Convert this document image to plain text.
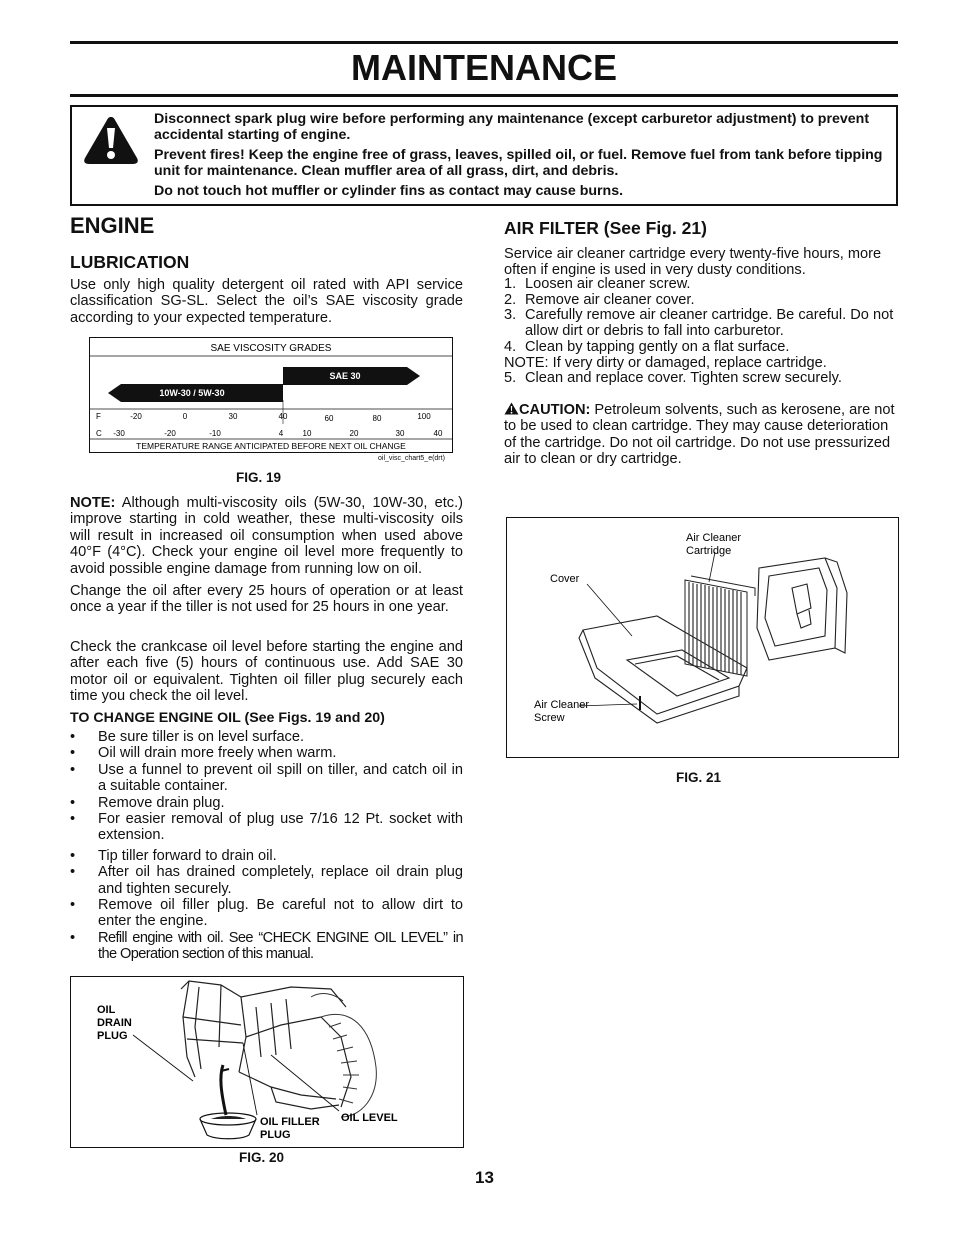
MAINTENANCE

Disconnect spark plug wire before performing any maintenance (except carburetor adjustment) to prevent accidental starting of engine.

Prevent fires! Keep the engine free of grass, leaves, spilled oil, or fuel. Remove fuel from tank before tipping unit for maintenance. Clean muffler area of all grass, dirt, and debris.

Do not touch hot muffler or cylinder fins as contact may cause burns.

ENGINE
LUBRICATION
Use only high quality detergent oil rated with API service classification SG-SL. Select the oil’s SAE viscosity grade according to your expected temperature.
SAE VISCOSITY GRADES
SAE 30
10W-30 / 5W-30
F	-20	0	30	40	60	80	100
C -30	-20	-10	4 10	20	30	40
TEMPERATURE RANGE ANTICIPATED BEFORE NEXT OIL CHANGE
oil_visc_chart5_e(drt)
FIG. 19
NOTE: Although multi-viscosity oils (5W-30, 10W-30, etc.) improve starting in cold weather, these multi-viscosity oils will result in increased oil consumption when used above 40°F (4°C). Check your engine oil level more frequently to avoid possible engine damage from running low on oil.
Change the oil after every 25 hours of operation or at least once a year if the tiller is not used for 25 hours in one year.
Check the crankcase oil level before starting the engine and after each five (5) hours of continuous use. Add SAE 30 motor oil or equivalent. Tighten oil filler plug securely each time you check the oil level.
TO CHANGE ENGINE OIL (See Figs. 19 and 20)
• Be sure tiller is on level surface.
• Oil will drain more freely when warm.
• Use a funnel to prevent oil spill on tiller, and catch oil in a suitable container.
• Remove drain plug.
• For easier removal of plug use 7/16 12 Pt. socket with extension.
• Tip tiller forward to drain oil.
• After oil has drained completely, replace oil drain plug and tighten securely.
• Remove oil filler plug. Be careful not to allow dirt to enter the engine.
• Refill engine with oil. See “CHECK ENGINE OIL LEVEL” in the Operation section of this manual.
OIL
DRAIN
PLUG
OIL FILLER
PLUG
OIL LEVEL
FIG. 20
AIR FILTER (See Fig. 21)
Service air cleaner cartridge every twenty-five hours, more often if engine is used in very dusty conditions.
1. Loosen air cleaner screw.
2. Remove air cleaner cover.
3. Carefully remove air cleaner cartridge. Be careful. Do not allow dirt or debris to fall into carburetor.
4. Clean by tapping gently on a flat surface.
NOTE: If very dirty or damaged, replace cartridge.
5. Clean and replace cover. Tighten screw securely.
CAUTION: Petroleum solvents, such as kerosene, are not to be used to clean cartridge. They may cause deterioration of the cartridge. Do not oil cartridge. Do not use pressurized air to clean or dry cartridge.
Air Cleaner
Cartridge
Cover
Air Cleaner
Screw
FIG. 21
13
